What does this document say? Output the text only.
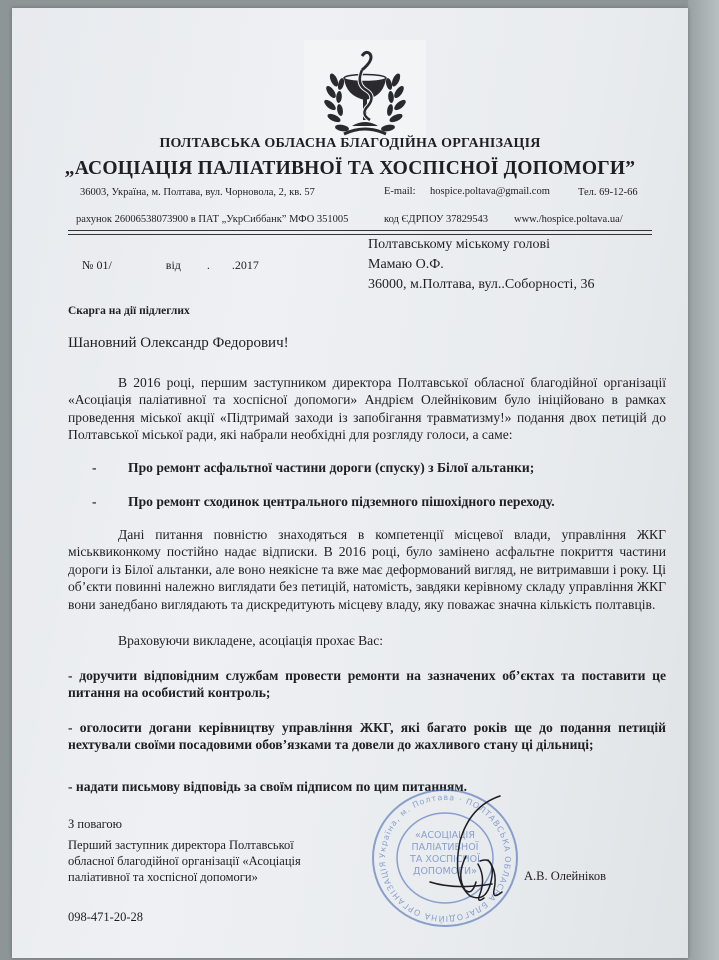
ПОЛТАВСЬКА ОБЛАСНА БЛАГОДІЙНА ОРГАНІЗАЦІЯ
„АСОЦІАЦІЯ ПАЛІАТИВНОЇ ТА ХОСПІСНОЇ ДОПОМОГИ”
36003, Україна, м. Полтава, вул. Чорновола, 2, кв. 57	E-mail: hospice.poltava@gmail.com	Тел. 69-12-66
рахунок 26006538073900 в ПАТ „УкрСиббанк” МФО 351005	код ЄДРПОУ 37829543 www./hospice.poltava.ua/
№ 01/	від . .2017
Полтавському міському голові
Мамаю О.Ф.
36000, м.Полтава, вул..Соборності, 36
Скарга на дії підлеглих
Шановний Олександр Федорович!

В 2016 році, першим заступником директора Полтавської обласної благодійної організації «Асоціація паліативної та хоспісної допомоги» Андрієм Олейніковим було ініційовано в рамках проведення міської акції «Підтримай заходи із запобігання травматизму!» подання двох петицій до Полтавської міської ради, які набрали необхідні для розгляду голоси, а саме:

- Про ремонт асфальтної частини дороги (спуску) з Білої альтанки;
- Про ремонт сходинок центрального підземного пішохідного переходу.

Дані питання повністю знаходяться в компетенції місцевої влади, управління ЖКГ міськвиконкому постійно надає відписки. В 2016 році, було замінено асфальтне покриття частини дороги із Білої альтанки, але воно неякісне та вже має деформований вигляд, не витримавши і року. Ці об’єкти повинні належно виглядати без петицій, натомість, завдяки керівному складу управління ЖКГ вони занедбано виглядають та дискредитують місцеву владу, яку поважає значна кількість полтавців.

Враховуючи викладене, асоціація прохає Вас:

- доручити відповідним службам провести ремонти на зазначених об’єктах та поставити це питання на особистий контроль;

- оголосити догани керівництву управління ЖКГ, які багато років ще до подання петицій нехтували своїми посадовими обов’язками та довели до жахливого стану ці дільниці;

- надати письмову відповідь за своїм підписом по цим питанням.

З повагою
Перший заступник директора Полтавської
обласної благодійної організації «Асоціація
паліативної та хоспісної допомоги»	А.В. Олейніков
098-471-20-28
Україна, м. Полтава · ПОЛТАВСЬКА ОБЛАСНА БЛАГОДІЙНА ОРГАНІЗАЦІЯ
«АСОЦІАЦІЯ
ПАЛІАТИВНОЇ
ТА ХОСПІСНОЇ
ДОПОМОГИ»
